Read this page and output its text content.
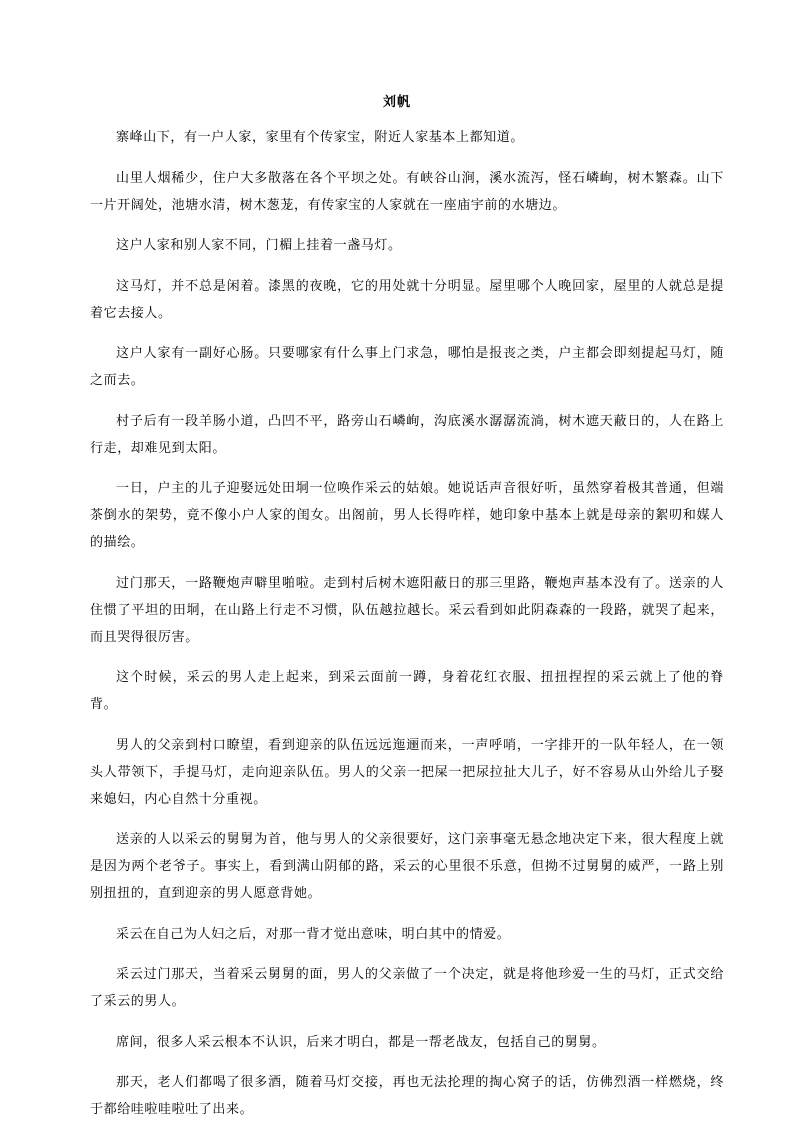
刘帆

寨峰山下，有一户人家，家里有个传家宝，附近人家基本上都知道。

山里人烟稀少，住户大多散落在各个平坝之处。有峡谷山涧，溪水流泻，怪石嶙峋，树木繁森。山下一片开阔处，池塘水清，树木葱茏，有传家宝的人家就在一座庙宇前的水塘边。

这户人家和别人家不同，门楣上挂着一盏马灯。

这马灯，并不总是闲着。漆黑的夜晚，它的用处就十分明显。屋里哪个人晚回家，屋里的人就总是提着它去接人。

这户人家有一副好心肠。只要哪家有什么事上门求急，哪怕是报丧之类，户主都会即刻提起马灯，随之而去。

村子后有一段羊肠小道，凸凹不平，路旁山石嶙峋，沟底溪水潺潺流淌，树木遮天蔽日的，人在路上行走，却难见到太阳。

一日，户主的儿子迎娶远处田垌一位唤作采云的姑娘。她说话声音很好听，虽然穿着极其普通，但端茶倒水的架势，竟不像小户人家的闺女。出阁前，男人长得咋样，她印象中基本上就是母亲的絮叨和媒人的描绘。

过门那天，一路鞭炮声噼里啪啦。走到村后树木遮阳蔽日的那三里路，鞭炮声基本没有了。送亲的人住惯了平坦的田垌，在山路上行走不习惯，队伍越拉越长。采云看到如此阴森森的一段路，就哭了起来，而且哭得很厉害。

这个时候，采云的男人走上起来，到采云面前一蹲，身着花红衣服、扭扭捏捏的采云就上了他的脊背。

男人的父亲到村口瞭望，看到迎亲的队伍远远迤逦而来，一声呼哨，一字排开的一队年轻人，在一领头人带领下，手提马灯，走向迎亲队伍。男人的父亲一把屎一把尿拉扯大儿子，好不容易从山外给儿子娶来媳妇，内心自然十分重视。

送亲的人以采云的舅舅为首，他与男人的父亲很要好，这门亲事毫无悬念地决定下来，很大程度上就是因为两个老爷子。事实上，看到满山阴郁的路，采云的心里很不乐意，但拗不过舅舅的威严，一路上别别扭扭的，直到迎亲的男人愿意背她。

采云在自己为人妇之后，对那一背才觉出意味，明白其中的情爱。

采云过门那天，当着采云舅舅的面，男人的父亲做了一个决定，就是将他珍爱一生的马灯，正式交给了采云的男人。

席间，很多人采云根本不认识，后来才明白，都是一帮老战友，包括自己的舅舅。

那天，老人们都喝了很多酒，随着马灯交接，再也无法抡理的掏心窝子的话，仿佛烈酒一样燃烧，终于都给哇啦哇啦吐了出来。
